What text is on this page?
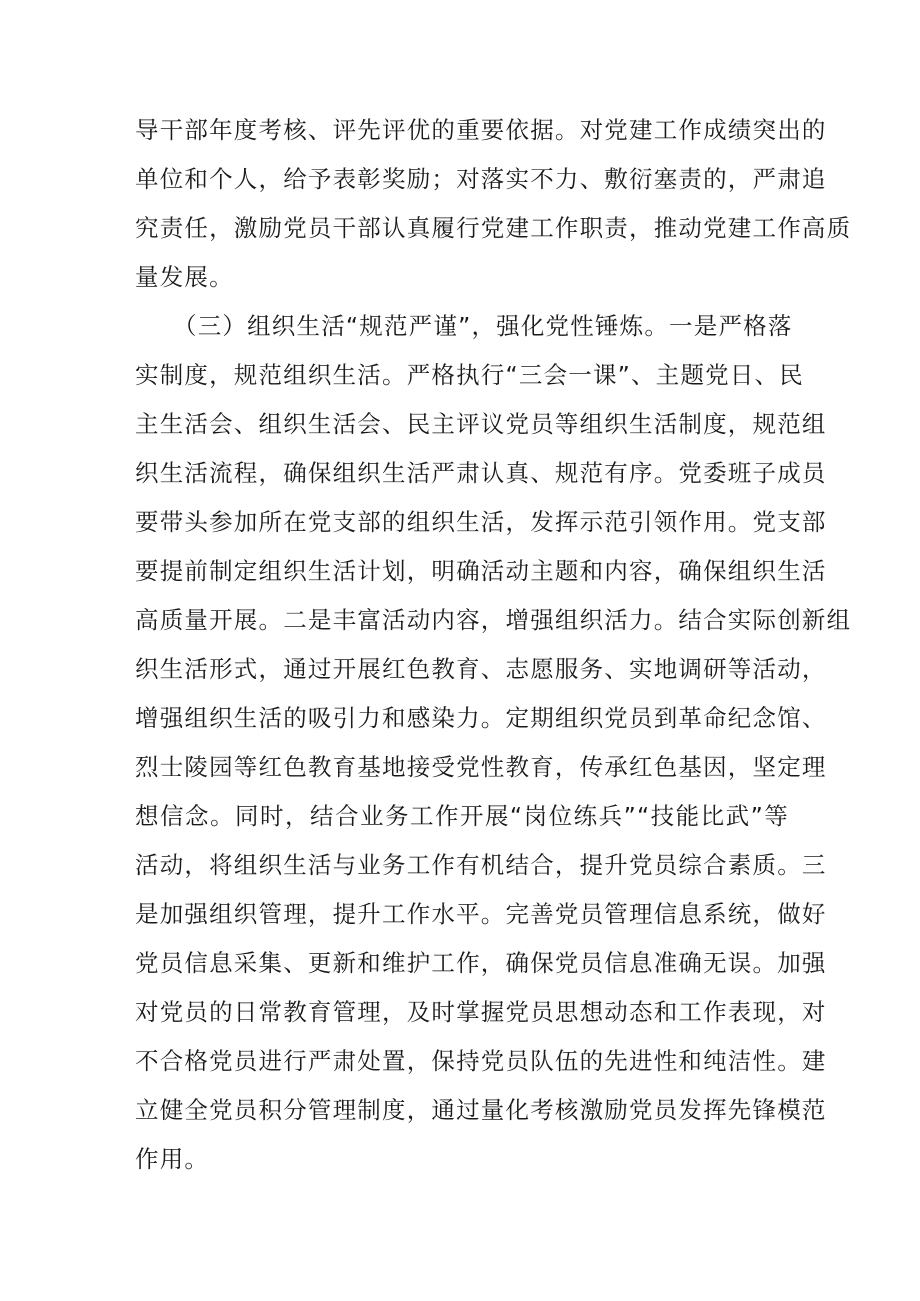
导干部年度考核、评先评优的重要依据。对党建工作成绩突出的
单位和个人，给予表彰奖励；对落实不力、敷衍塞责的，严肃追
究责任，激励党员干部认真履行党建工作职责，推动党建工作高质
量发展。
（三）组织生活“规范严谨”，强化党性锤炼。一是严格落
实制度，规范组织生活。严格执行“三会一课”、主题党日、民
主生活会、组织生活会、民主评议党员等组织生活制度，规范组
织生活流程，确保组织生活严肃认真、规范有序。党委班子成员
要带头参加所在党支部的组织生活，发挥示范引领作用。党支部
要提前制定组织生活计划，明确活动主题和内容，确保组织生活
高质量开展。二是丰富活动内容，增强组织活力。结合实际创新组
织生活形式，通过开展红色教育、志愿服务、实地调研等活动，
增强组织生活的吸引力和感染力。定期组织党员到革命纪念馆、
烈士陵园等红色教育基地接受党性教育，传承红色基因，坚定理
想信念。同时，结合业务工作开展“岗位练兵”“技能比武”等
活动，将组织生活与业务工作有机结合，提升党员综合素质。三
是加强组织管理，提升工作水平。完善党员管理信息系统，做好
党员信息采集、更新和维护工作，确保党员信息准确无误。加强
对党员的日常教育管理，及时掌握党员思想动态和工作表现，对
不合格党员进行严肃处置，保持党员队伍的先进性和纯洁性。建
立健全党员积分管理制度，通过量化考核激励党员发挥先锋模范
作用。
